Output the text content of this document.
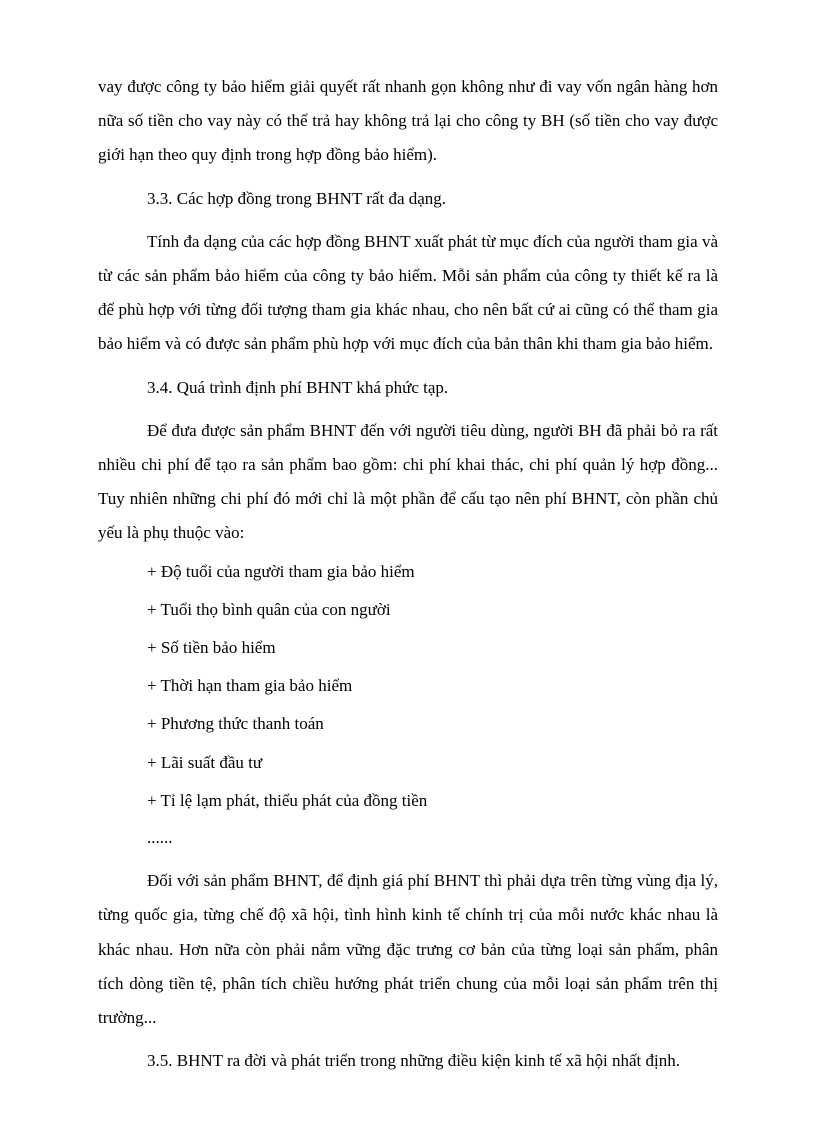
vay được công ty bảo hiểm giải quyết rất nhanh gọn không như đi vay vốn ngân hàng hơn nữa số tiền cho vay này có thể trả hay không trả lại cho công ty BH (số tiền cho vay được giới hạn theo quy định trong hợp đồng bảo hiểm).

3.3. Các hợp đồng trong BHNT rất đa dạng.

Tính đa dạng của các hợp đồng BHNT xuất phát từ mục đích của người tham gia và từ các sản phẩm bảo hiểm của công ty bảo hiểm. Mỗi sản phẩm của công ty thiết kế ra là để phù hợp với từng đối tượng tham gia khác nhau, cho nên bất cứ ai cũng có thể tham gia bảo hiểm và có được sản phẩm phù hợp với mục đích của bản thân khi tham gia bảo hiểm.

3.4. Quá trình định phí BHNT khá phức tạp.

Để đưa được sản phẩm BHNT đến với người tiêu dùng, người BH đã phải bỏ ra rất nhiều chi phí để tạo ra sản phẩm bao gồm: chi phí khai thác, chi phí quản lý hợp đồng... Tuy nhiên những chi phí đó mới chỉ là một phần để cấu tạo nên phí BHNT, còn phần chủ yếu là phụ thuộc vào:

+ Độ tuổi của người tham gia bảo hiểm

+ Tuổi thọ bình quân của con người

+ Số tiền bảo hiểm

+ Thời hạn tham gia bảo hiểm

+ Phương thức thanh toán

+ Lãi suất đầu tư

+ Tỉ lệ lạm phát, thiểu phát của đồng tiền

......

Đối với sản phẩm BHNT, để định giá phí BHNT thì phải dựa trên từng vùng địa lý, từng quốc gia, từng chế độ xã hội, tình hình kinh tế chính trị của mỗi nước khác nhau là khác nhau. Hơn nữa còn phải nắm vững đặc trưng cơ bản của từng loại sản phẩm, phân tích dòng tiền tệ, phân tích chiều hướng phát triển chung của mỗi loại sản phẩm trên thị trường...

3.5. BHNT ra đời và phát triển trong những điều kiện kinh tế xã hội nhất định.
